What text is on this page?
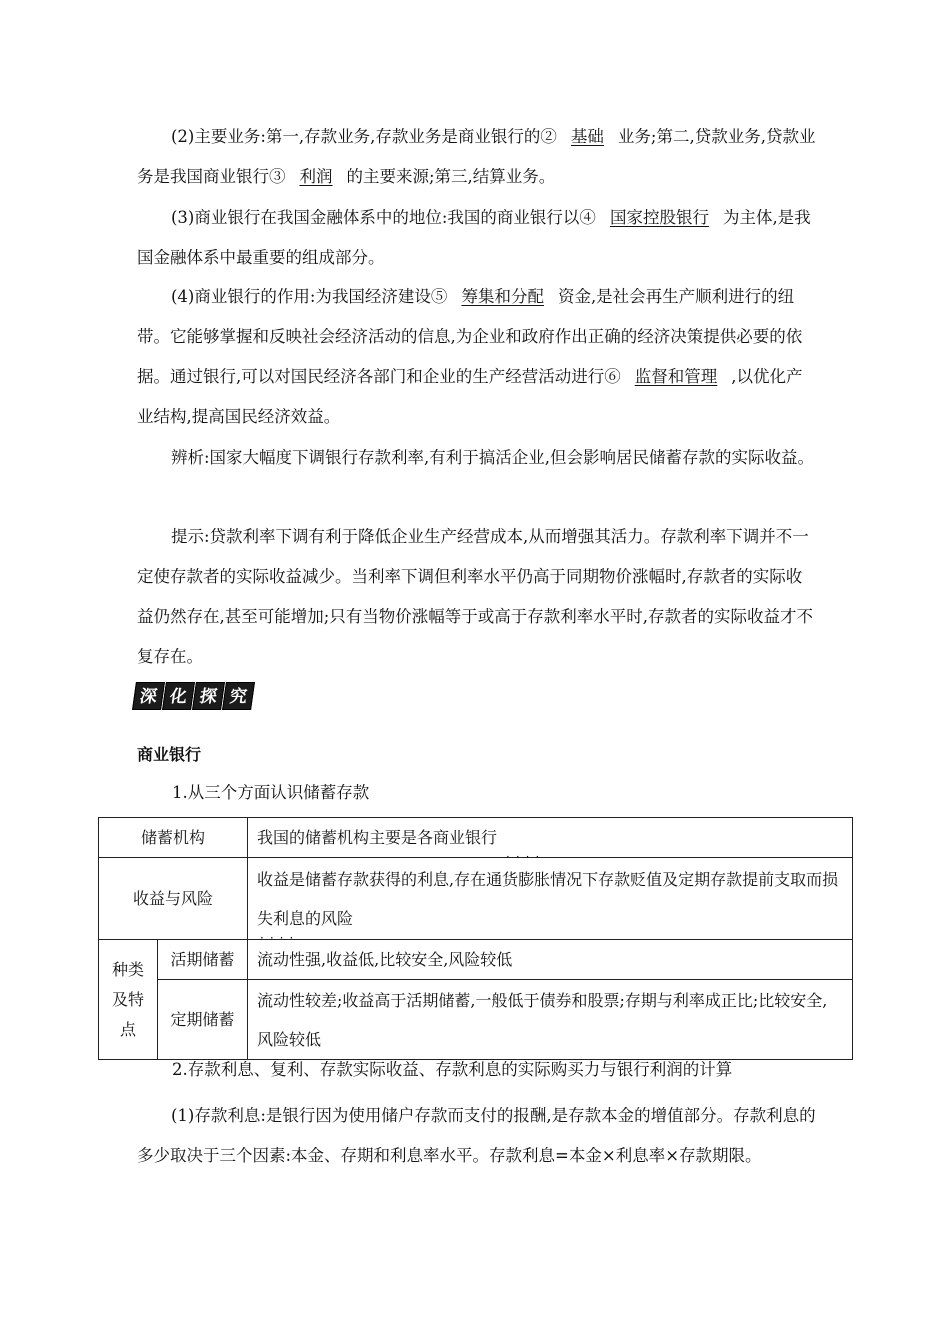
(2)主要业务:第一,存款业务,存款业务是商业银行的② 基础 业务;第二,贷款业务,贷款业务是我国商业银行③ 利润 的主要来源;第三,结算业务。

(3)商业银行在我国金融体系中的地位:我国的商业银行以④ 国家控股银行 为主体,是我国金融体系中最重要的组成部分。

(4)商业银行的作用:为我国经济建设⑤ 筹集和分配 资金,是社会再生产顺利进行的纽带。它能够掌握和反映社会经济活动的信息,为企业和政府作出正确的经济决策提供必要的依据。通过银行,可以对国民经济各部门和企业的生产经营活动进行⑥ 监督和管理 ,以优化产业结构,提高国民经济效益。

辨析:国家大幅度下调银行存款利率,有利于搞活企业,但会影响居民储蓄存款的实际收益。

提示:贷款利率下调有利于降低企业生产经营成本,从而增强其活力。存款利率下调并不一定使存款者的实际收益减少。当利率下调但利率水平仍高于同期物价涨幅时,存款者的实际收益仍然存在,甚至可能增加;只有当物价涨幅等于或高于存款利率水平时,存款者的实际收益才不复存在。

深 化 探 究

商业银行

1.从三个方面认识储蓄存款

储蓄机构		我国的储蓄机构主要是各商业银行
收益与风险		收益是储蓄存款获得的利息,存在通货膨胀情况下存款贬值及定期存款提前支取而损失利息的风险

种类及特点	活期储蓄	流动性强,收益低,比较安全,风险较低
	定期储蓄	流动性较差;收益高于活期储蓄,一般低于债券和股票;存期与利率成正比;比较安全,风险较低
····
····

2.存款利息、复利、存款实际收益、存款利息的实际购买力与银行利润的计算

(1)存款利息:是银行因为使用储户存款而支付的报酬,是存款本金的增值部分。存款利息的多少取决于三个因素:本金、存期和利息率水平。存款利息=本金×利息率×存款期限。
